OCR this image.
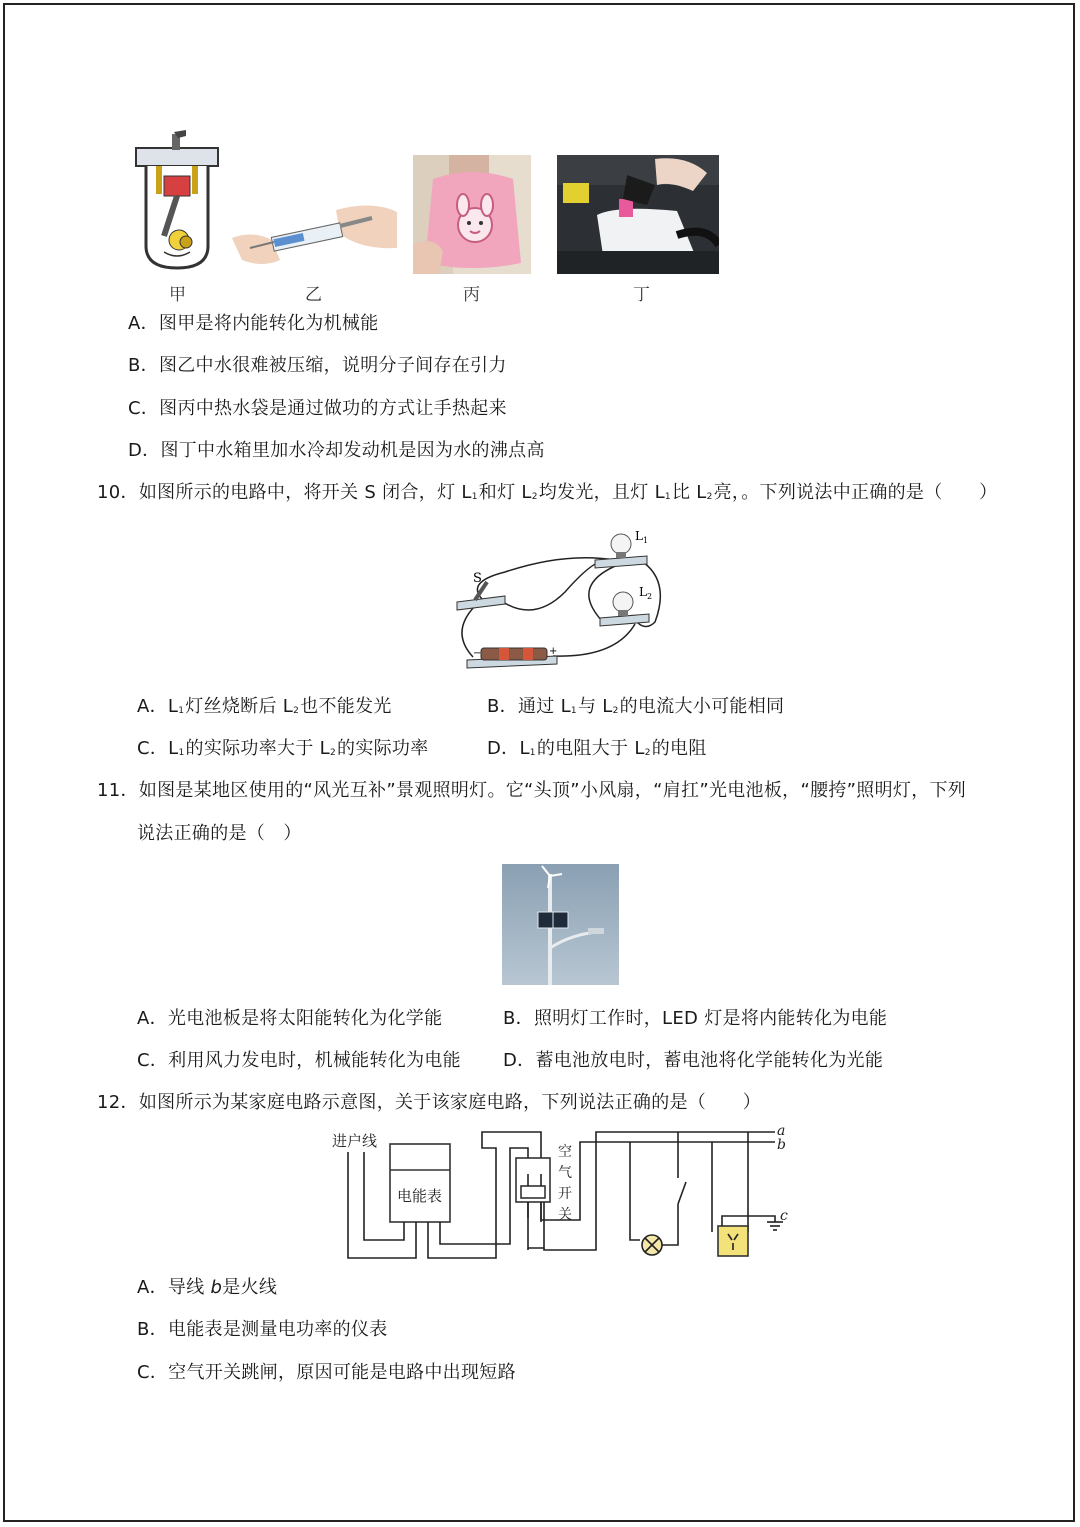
甲	乙	丙	丁
A．图甲是将内能转化为机械能
B．图乙中水很难被压缩，说明分子间存在引力
C．图丙中热水袋是通过做功的方式让手热起来
D．图丁中水箱里加水冷却发动机是因为水的沸点高
10．如图所示的电路中，将开关 S 闭合，灯 $L_1$和灯 $L_2$均发光，且灯 $L_1$比 $L_2$亮，。下列说法中正确的是（　　）
S
$L_1$
$L_2$
−	+
A．$L_1$灯丝烧断后 $L_2$也不能发光	B．通过 $L_1$与 $L_2$的电流大小可能相同
C．$L_1$的实际功率大于 $L_2$的实际功率	D．$L_1$的电阻大于 $L_2$的电阻
11．如图是某地区使用的“风光互补”景观照明灯。它“头顶”小风扇，“肩扛”光电池板，“腰挎”照明灯，下列
说法正确的是（　）
A．光电池板是将太阳能转化为化学能	B．照明灯工作时，LED 灯是将内能转化为电能
C．利用风力发电时，机械能转化为电能 D．蓄电池放电时，蓄电池将化学能转化为光能
12．如图所示为某家庭电路示意图，关于该家庭电路，下列说法正确的是（　　）
进户线
电能表
空
气
开
关
a
b
c
A．导线 b是火线
B．电能表是测量电功率的仪表
C．空气开关跳闸，原因可能是电路中出现短路
